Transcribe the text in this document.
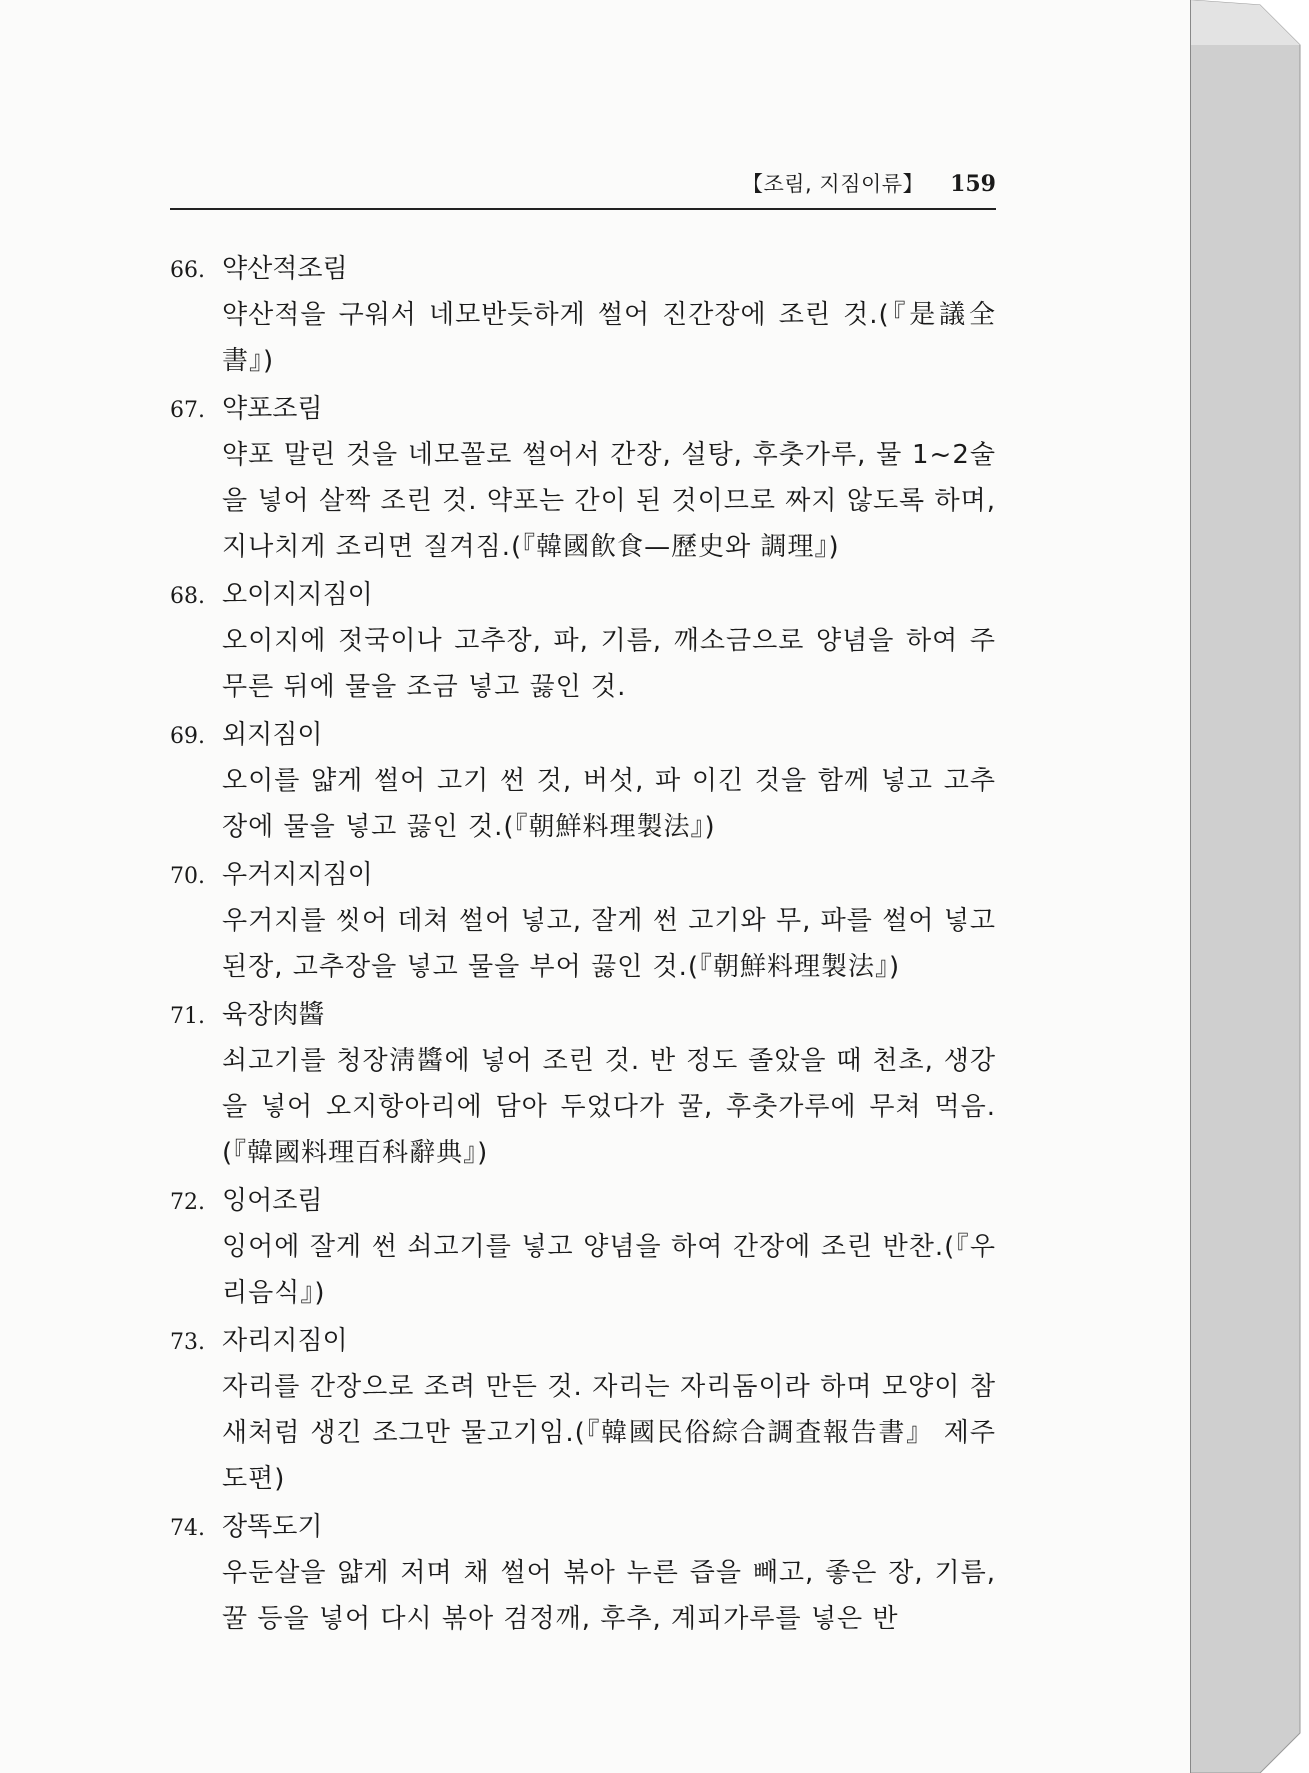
【조림, 지짐이류】 159
66. 약산적조림
약산적을 구워서 네모반듯하게 썰어 진간장에 조린 것.(『是議全書』)
67. 약포조림
약포 말린 것을 네모꼴로 썰어서 간장, 설탕, 후춧가루, 물 1~2술을 넣어 살짝 조린 것. 약포는 간이 된 것이므로 짜지 않도록 하며, 지나치게 조리면 질겨짐.(『韓國飮食—歷史와 調理』)
68. 오이지지짐이
오이지에 젓국이나 고추장, 파, 기름, 깨소금으로 양념을 하여 주무른 뒤에 물을 조금 넣고 끓인 것.
69. 외지짐이
오이를 얇게 썰어 고기 썬 것, 버섯, 파 이긴 것을 함께 넣고 고추장에 물을 넣고 끓인 것.(『朝鮮料理製法』)
70. 우거지지짐이
우거지를 씻어 데쳐 썰어 넣고, 잘게 썬 고기와 무, 파를 썰어 넣고 된장, 고추장을 넣고 물을 부어 끓인 것.(『朝鮮料理製法』)
71. 육장肉醬
쇠고기를 청장淸醬에 넣어 조린 것. 반 정도 졸았을 때 천초, 생강을 넣어 오지항아리에 담아 두었다가 꿀, 후춧가루에 무쳐 먹음.(『韓國料理百科辭典』)
72. 잉어조림
잉어에 잘게 썬 쇠고기를 넣고 양념을 하여 간장에 조린 반찬.(『우리음식』)
73. 자리지짐이
자리를 간장으로 조려 만든 것. 자리는 자리돔이라 하며 모양이 참새처럼 생긴 조그만 물고기임.(『韓國民俗綜合調査報告書』 제주도편)
74. 장똑도기
우둔살을 얇게 저며 채 썰어 볶아 누른 즙을 빼고, 좋은 장, 기름, 꿀 등을 넣어 다시 볶아 검정깨, 후추, 계피가루를 넣은 반
